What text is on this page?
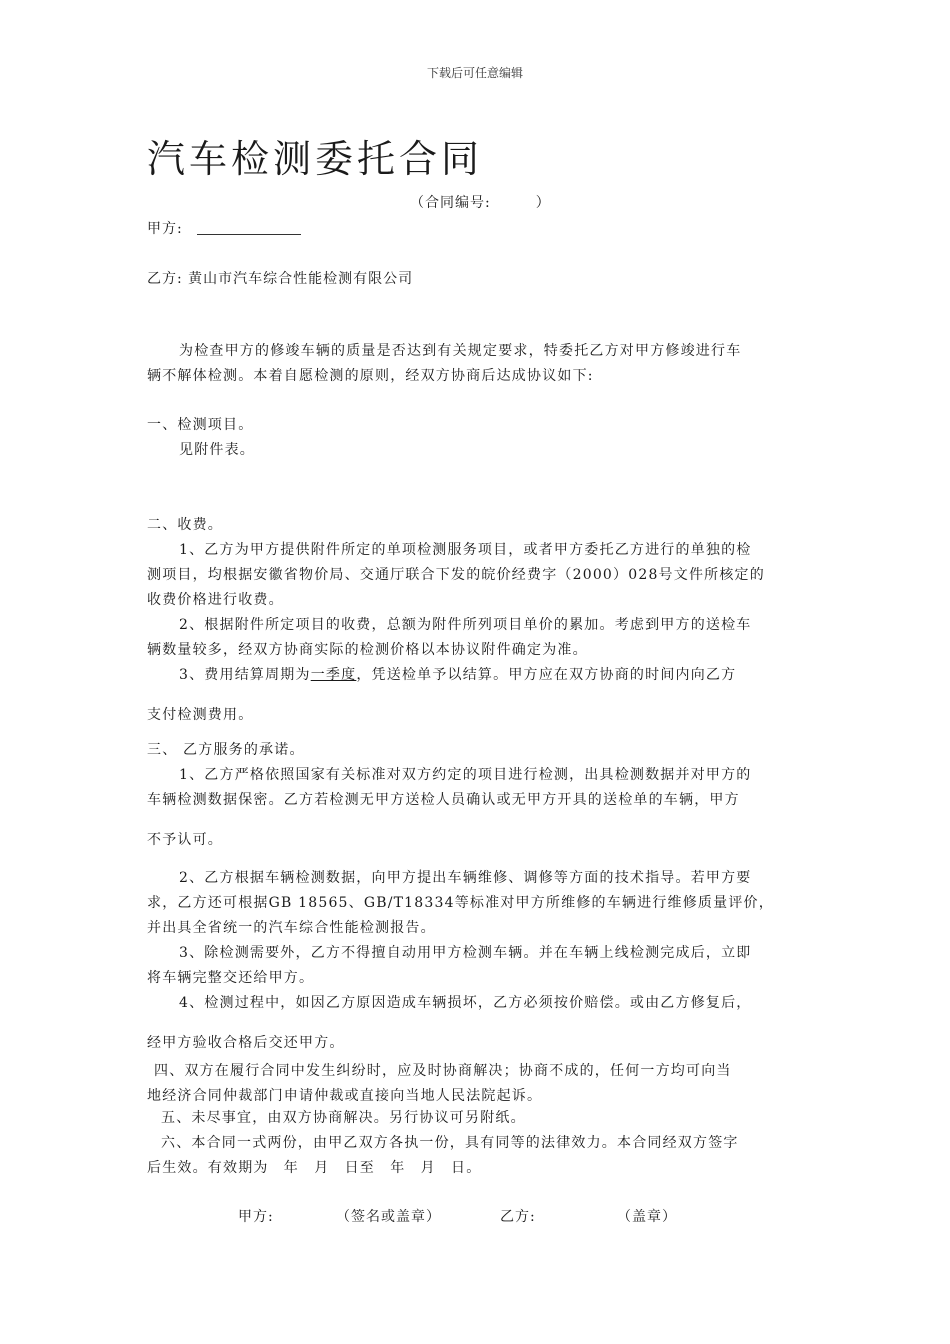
下载后可任意编辑
汽车检测委托合同
（合同编号:　　　）
甲方:
乙方: 黄山市汽车综合性能检测有限公司
为检查甲方的修竣车辆的质量是否达到有关规定要求，特委托乙方对甲方修竣进行车
辆不解体检测。本着自愿检测的原则，经双方协商后达成协议如下:
一、检测项目。
见附件表。
二、收费。
1、乙方为甲方提供附件所定的单项检测服务项目，或者甲方委托乙方进行的单独的检
测项目，均根据安徽省物价局、交通厅联合下发的皖价经费字（2000）028号文件所核定的
收费价格进行收费。
2、根据附件所定项目的收费，总额为附件所列项目单价的累加。考虑到甲方的送检车
辆数量较多，经双方协商实际的检测价格以本协议附件确定为准。
3、费用结算周期为一季度，凭送检单予以结算。甲方应在双方协商的时间内向乙方
支付检测费用。
三、 乙方服务的承诺。
1、乙方严格依照国家有关标准对双方约定的项目进行检测，出具检测数据并对甲方的
车辆检测数据保密。乙方若检测无甲方送检人员确认或无甲方开具的送检单的车辆，甲方
不予认可。
2、乙方根据车辆检测数据，向甲方提出车辆维修、调修等方面的技术指导。若甲方要
求，乙方还可根据GB 18565、GB/T18334等标准对甲方所维修的车辆进行维修质量评价，
并出具全省统一的汽车综合性能检测报告。
3、除检测需要外，乙方不得擅自动用甲方检测车辆。并在车辆上线检测完成后，立即
将车辆完整交还给甲方。
4、检测过程中，如因乙方原因造成车辆损坏，乙方必须按价赔偿。或由乙方修复后，
经甲方验收合格后交还甲方。
四、双方在履行合同中发生纠纷时，应及时协商解决；协商不成的，任何一方均可向当
地经济合同仲裁部门申请仲裁或直接向当地人民法院起诉。
五、未尽事宜，由双方协商解决。另行协议可另附纸。
六、本合同一式两份，由甲乙双方各执一份，具有同等的法律效力。本合同经双方签字
后生效。有效期为　年　月　日至　年　月　日。
甲方:	（签名或盖章）	乙方:	（盖章）
